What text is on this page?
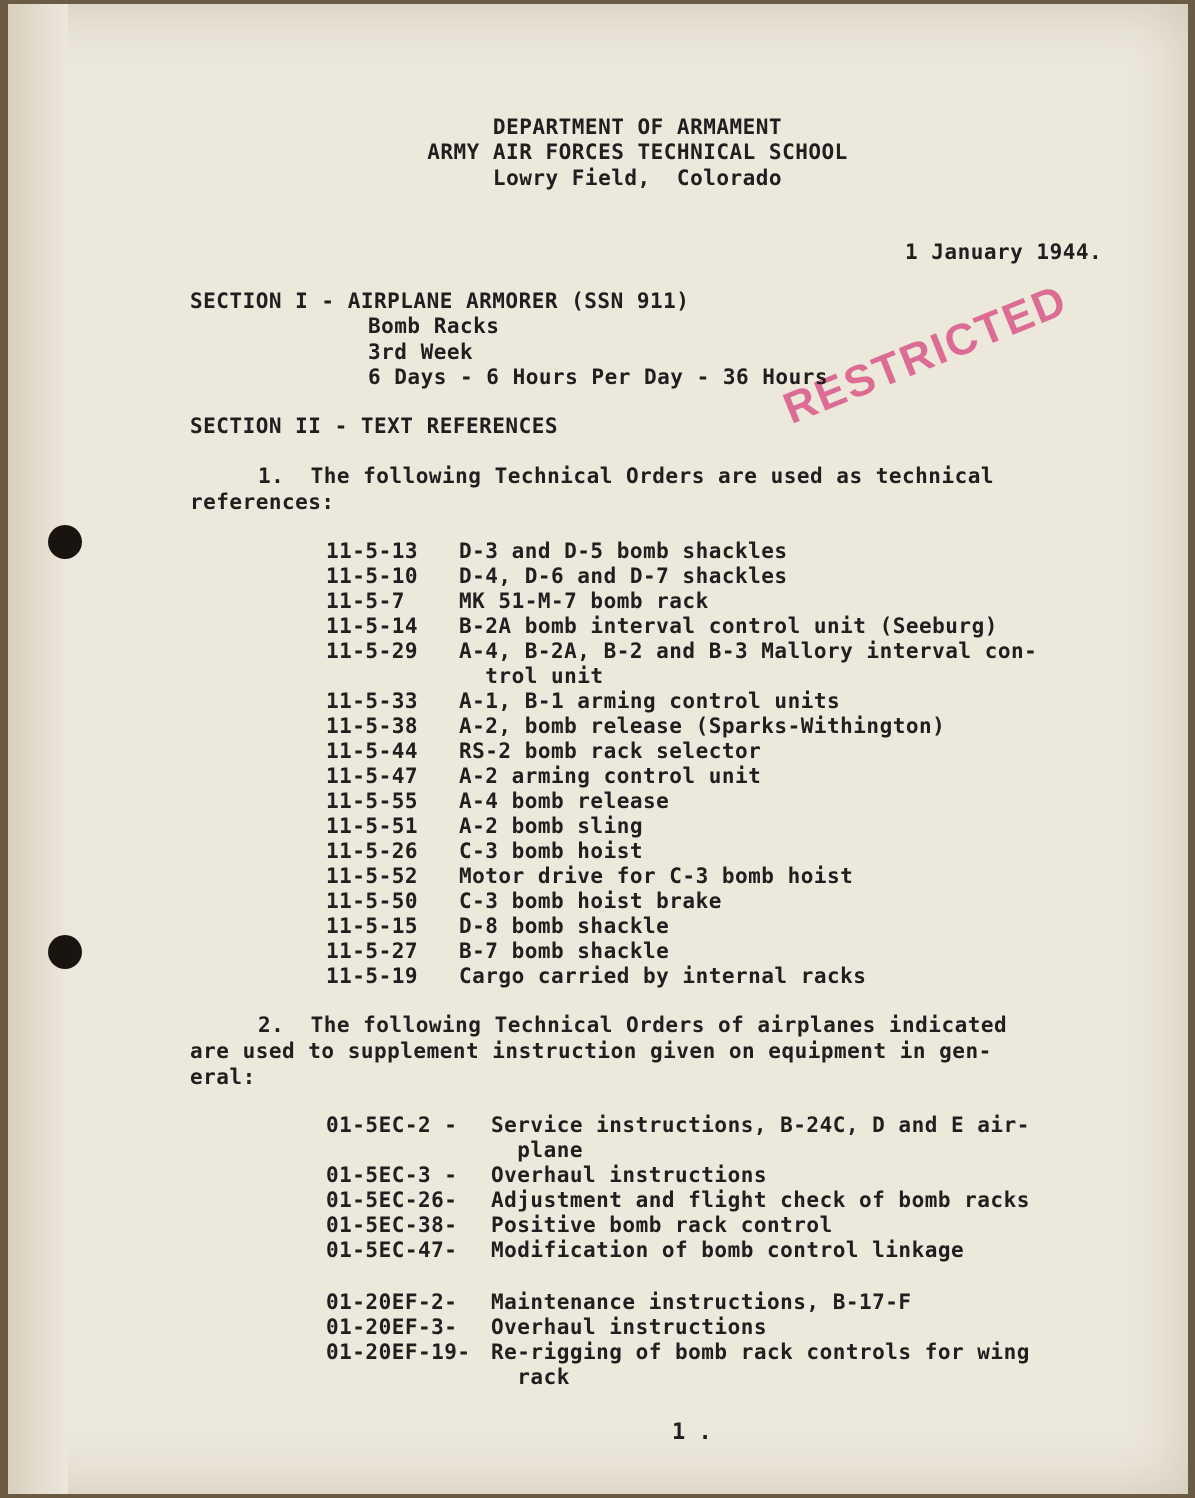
DEPARTMENT OF ARMAMENT
ARMY AIR FORCES TECHNICAL SCHOOL
Lowry Field,  Colorado
1 January 1944.
RESTRICTED
SECTION I - AIRPLANE ARMORER (SSN 911)
Bomb Racks
3rd Week
6 Days - 6 Hours Per Day - 36 Hours
SECTION II - TEXT REFERENCES
1.  The following Technical Orders are used as technical
references:
11-5-13	D-3 and D-5 bomb shackles
11-5-10	D-4, D-6 and D-7 shackles
11-5-7	MK 51-M-7 bomb rack
11-5-14	B-2A bomb interval control unit (Seeburg)
11-5-29	A-4, B-2A, B-2 and B-3 Mallory interval con-
trol unit
11-5-33	A-1, B-1 arming control units
11-5-38	A-2, bomb release (Sparks-Withington)
11-5-44	RS-2 bomb rack selector
11-5-47	A-2 arming control unit
11-5-55	A-4 bomb release
11-5-51	A-2 bomb sling
11-5-26	C-3 bomb hoist
11-5-52	Motor drive for C-3 bomb hoist
11-5-50	C-3 bomb hoist brake
11-5-15	D-8 bomb shackle
11-5-27	B-7 bomb shackle
11-5-19	Cargo carried by internal racks
2.  The following Technical Orders of airplanes indicated
are used to supplement instruction given on equipment in gen-
eral:
01-5EC-2 -	Service instructions, B-24C, D and E air-
plane
01-5EC-3 -	Overhaul instructions
01-5EC-26-	Adjustment and flight check of bomb racks
01-5EC-38-	Positive bomb rack control
01-5EC-47-	Modification of bomb control linkage
01-20EF-2-	Maintenance instructions, B-17-F
01-20EF-3-	Overhaul instructions
01-20EF-19- Re-rigging of bomb rack controls for wing
rack
1 .
